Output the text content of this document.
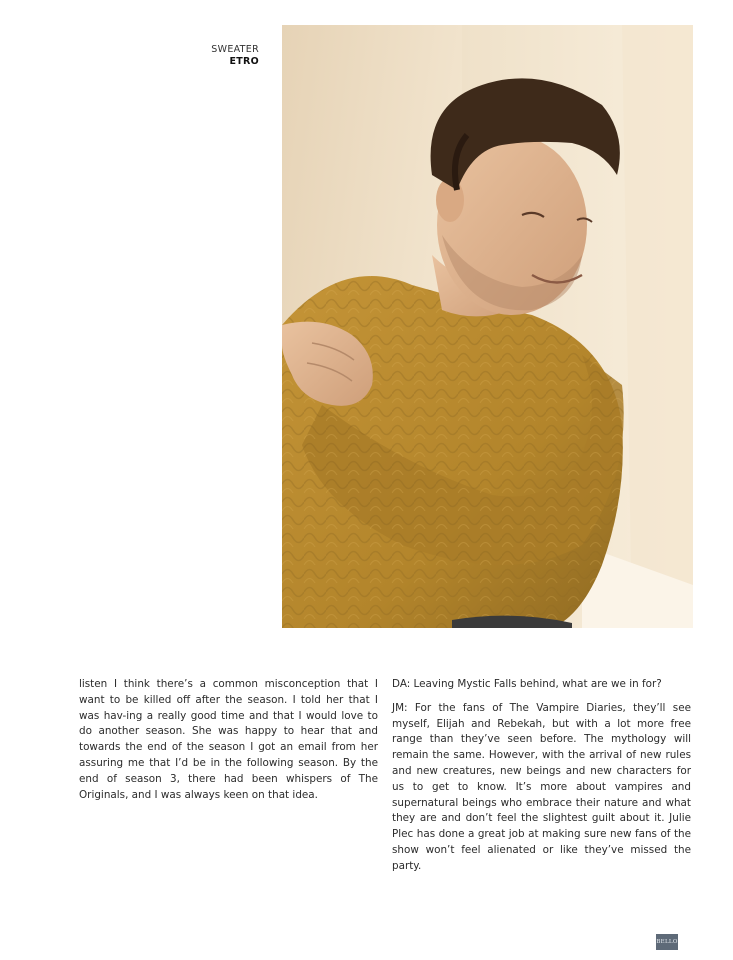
SWEATER
ETRO

listen I think there’s a common misconception that I want to be killed off after the season. I told her that I was hav-ing a really good time and that I would love to do another season. She was happy to hear that and towards the end of the season I got an email from her assuring me that I’d be in the following season. By the end of season 3, there had been whispers of The Originals, and I was always keen on that idea.

DA: Leaving Mystic Falls behind, what are we in for?

JM: For the fans of The Vampire Diaries, they’ll see myself, Elijah and Rebekah, but with a lot more free range than they’ve seen before. The mythology will remain the same. However, with the arrival of new rules and new creatures, new beings and new characters for us to get to know. It’s more about vampires and supernatural beings who embrace their nature and what they are and don’t feel the slightest guilt about it. Julie Plec has done a great job at making sure new fans of the show won’t feel alienated or like they’ve missed the party.

BELLO
